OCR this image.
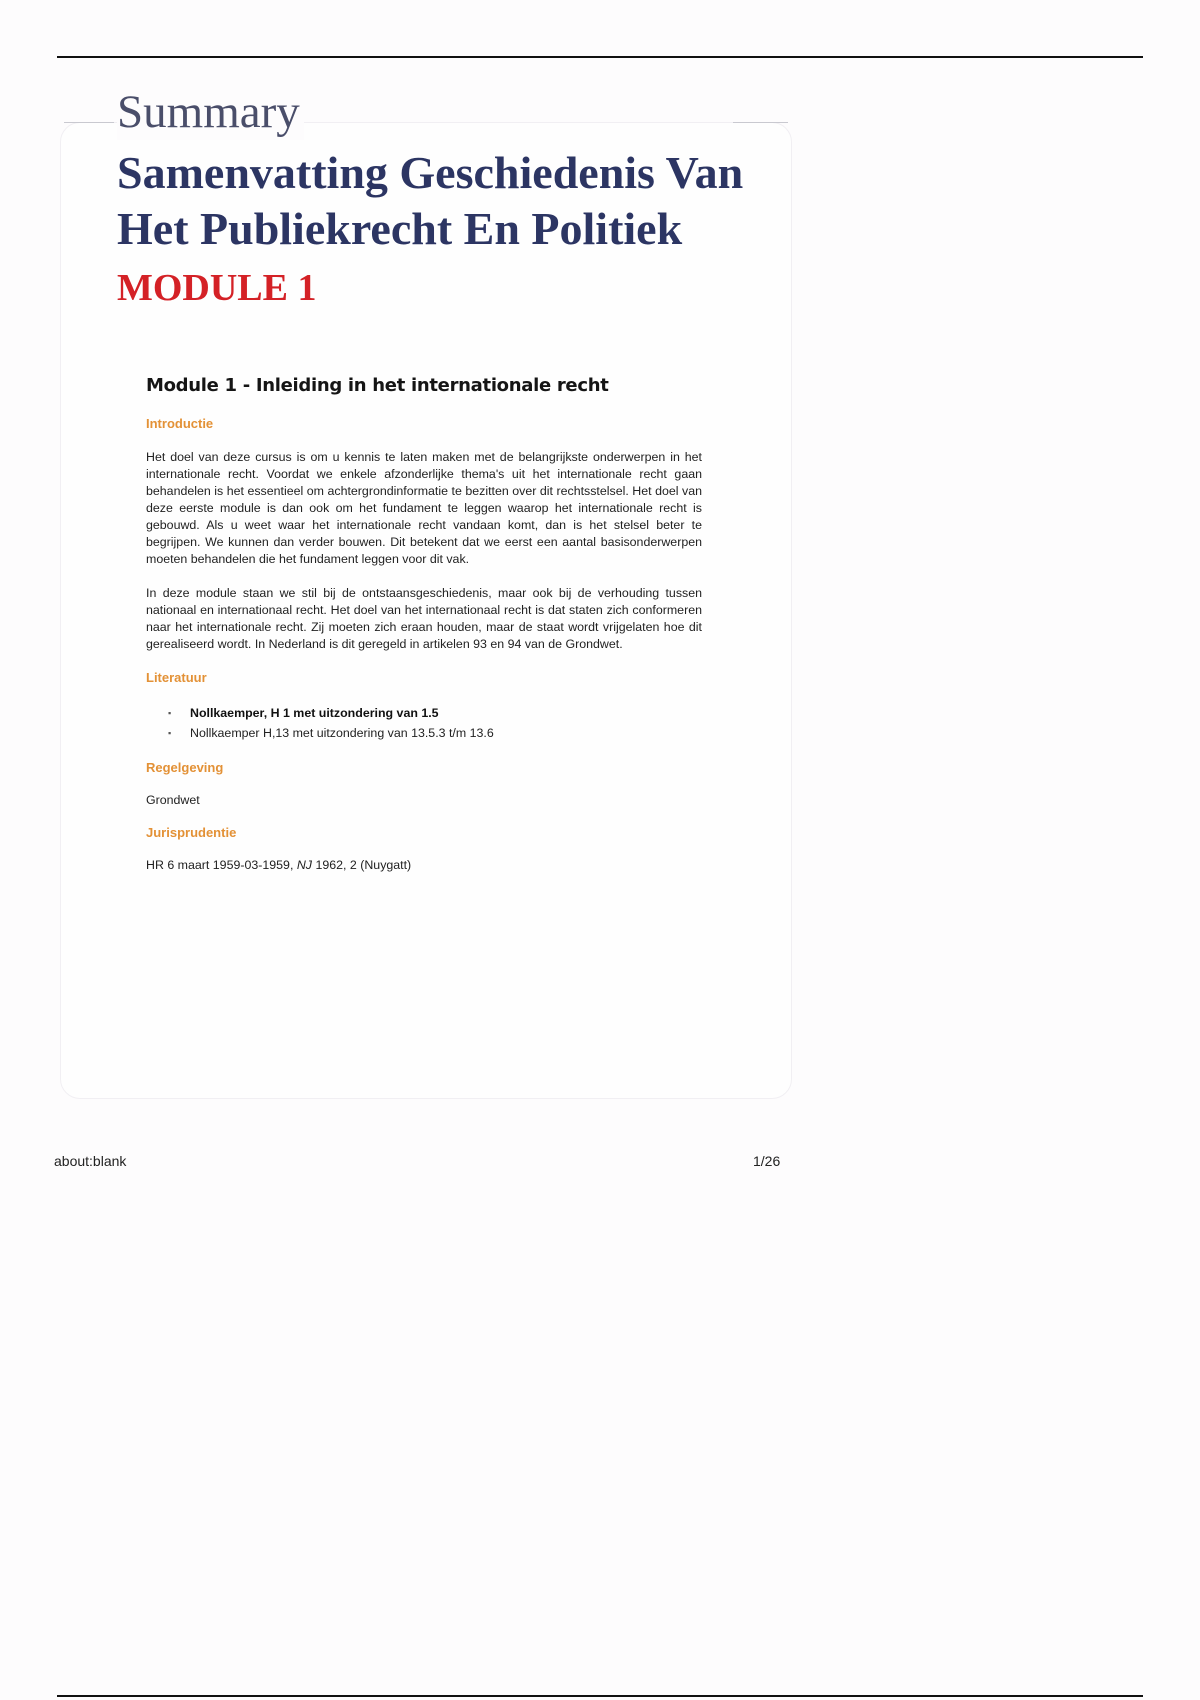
Summary
Samenvatting Geschiedenis Van Het Publiekrecht En Politiek MODULE 1
Module 1 - Inleiding in het internationale recht
Introductie

Het doel van deze cursus is om u kennis te laten maken met de belangrijkste onderwerpen in het internationale recht. Voordat we enkele afzonderlijke thema's uit het internationale recht gaan behandelen is het essentieel om achtergrondinformatie te bezitten over dit rechtsstelsel. Het doel van deze eerste module is dan ook om het fundament te leggen waarop het internationale recht is gebouwd. Als u weet waar het internationale recht vandaan komt, dan is het stelsel beter te begrijpen. We kunnen dan verder bouwen. Dit betekent dat we eerst een aantal basisonderwerpen moeten behandelen die het fundament leggen voor dit vak.

In deze module staan we stil bij de ontstaansgeschiedenis, maar ook bij de verhouding tussen nationaal en internationaal recht. Het doel van het internationaal recht is dat staten zich conformeren naar het internationale recht. Zij moeten zich eraan houden, maar de staat wordt vrijgelaten hoe dit gerealiseerd wordt. In Nederland is dit geregeld in artikelen 93 en 94 van de Grondwet.

Literatuur
▪ Nollkaemper, H 1 met uitzondering van 1.5
▪ Nollkaemper H,13 met uitzondering van 13.5.3 t/m 13.6
Regelgeving

Grondwet

Jurisprudentie

HR 6 maart 1959-03-1959, NJ 1962, 2 (Nuygatt)

about:blank	1/26
